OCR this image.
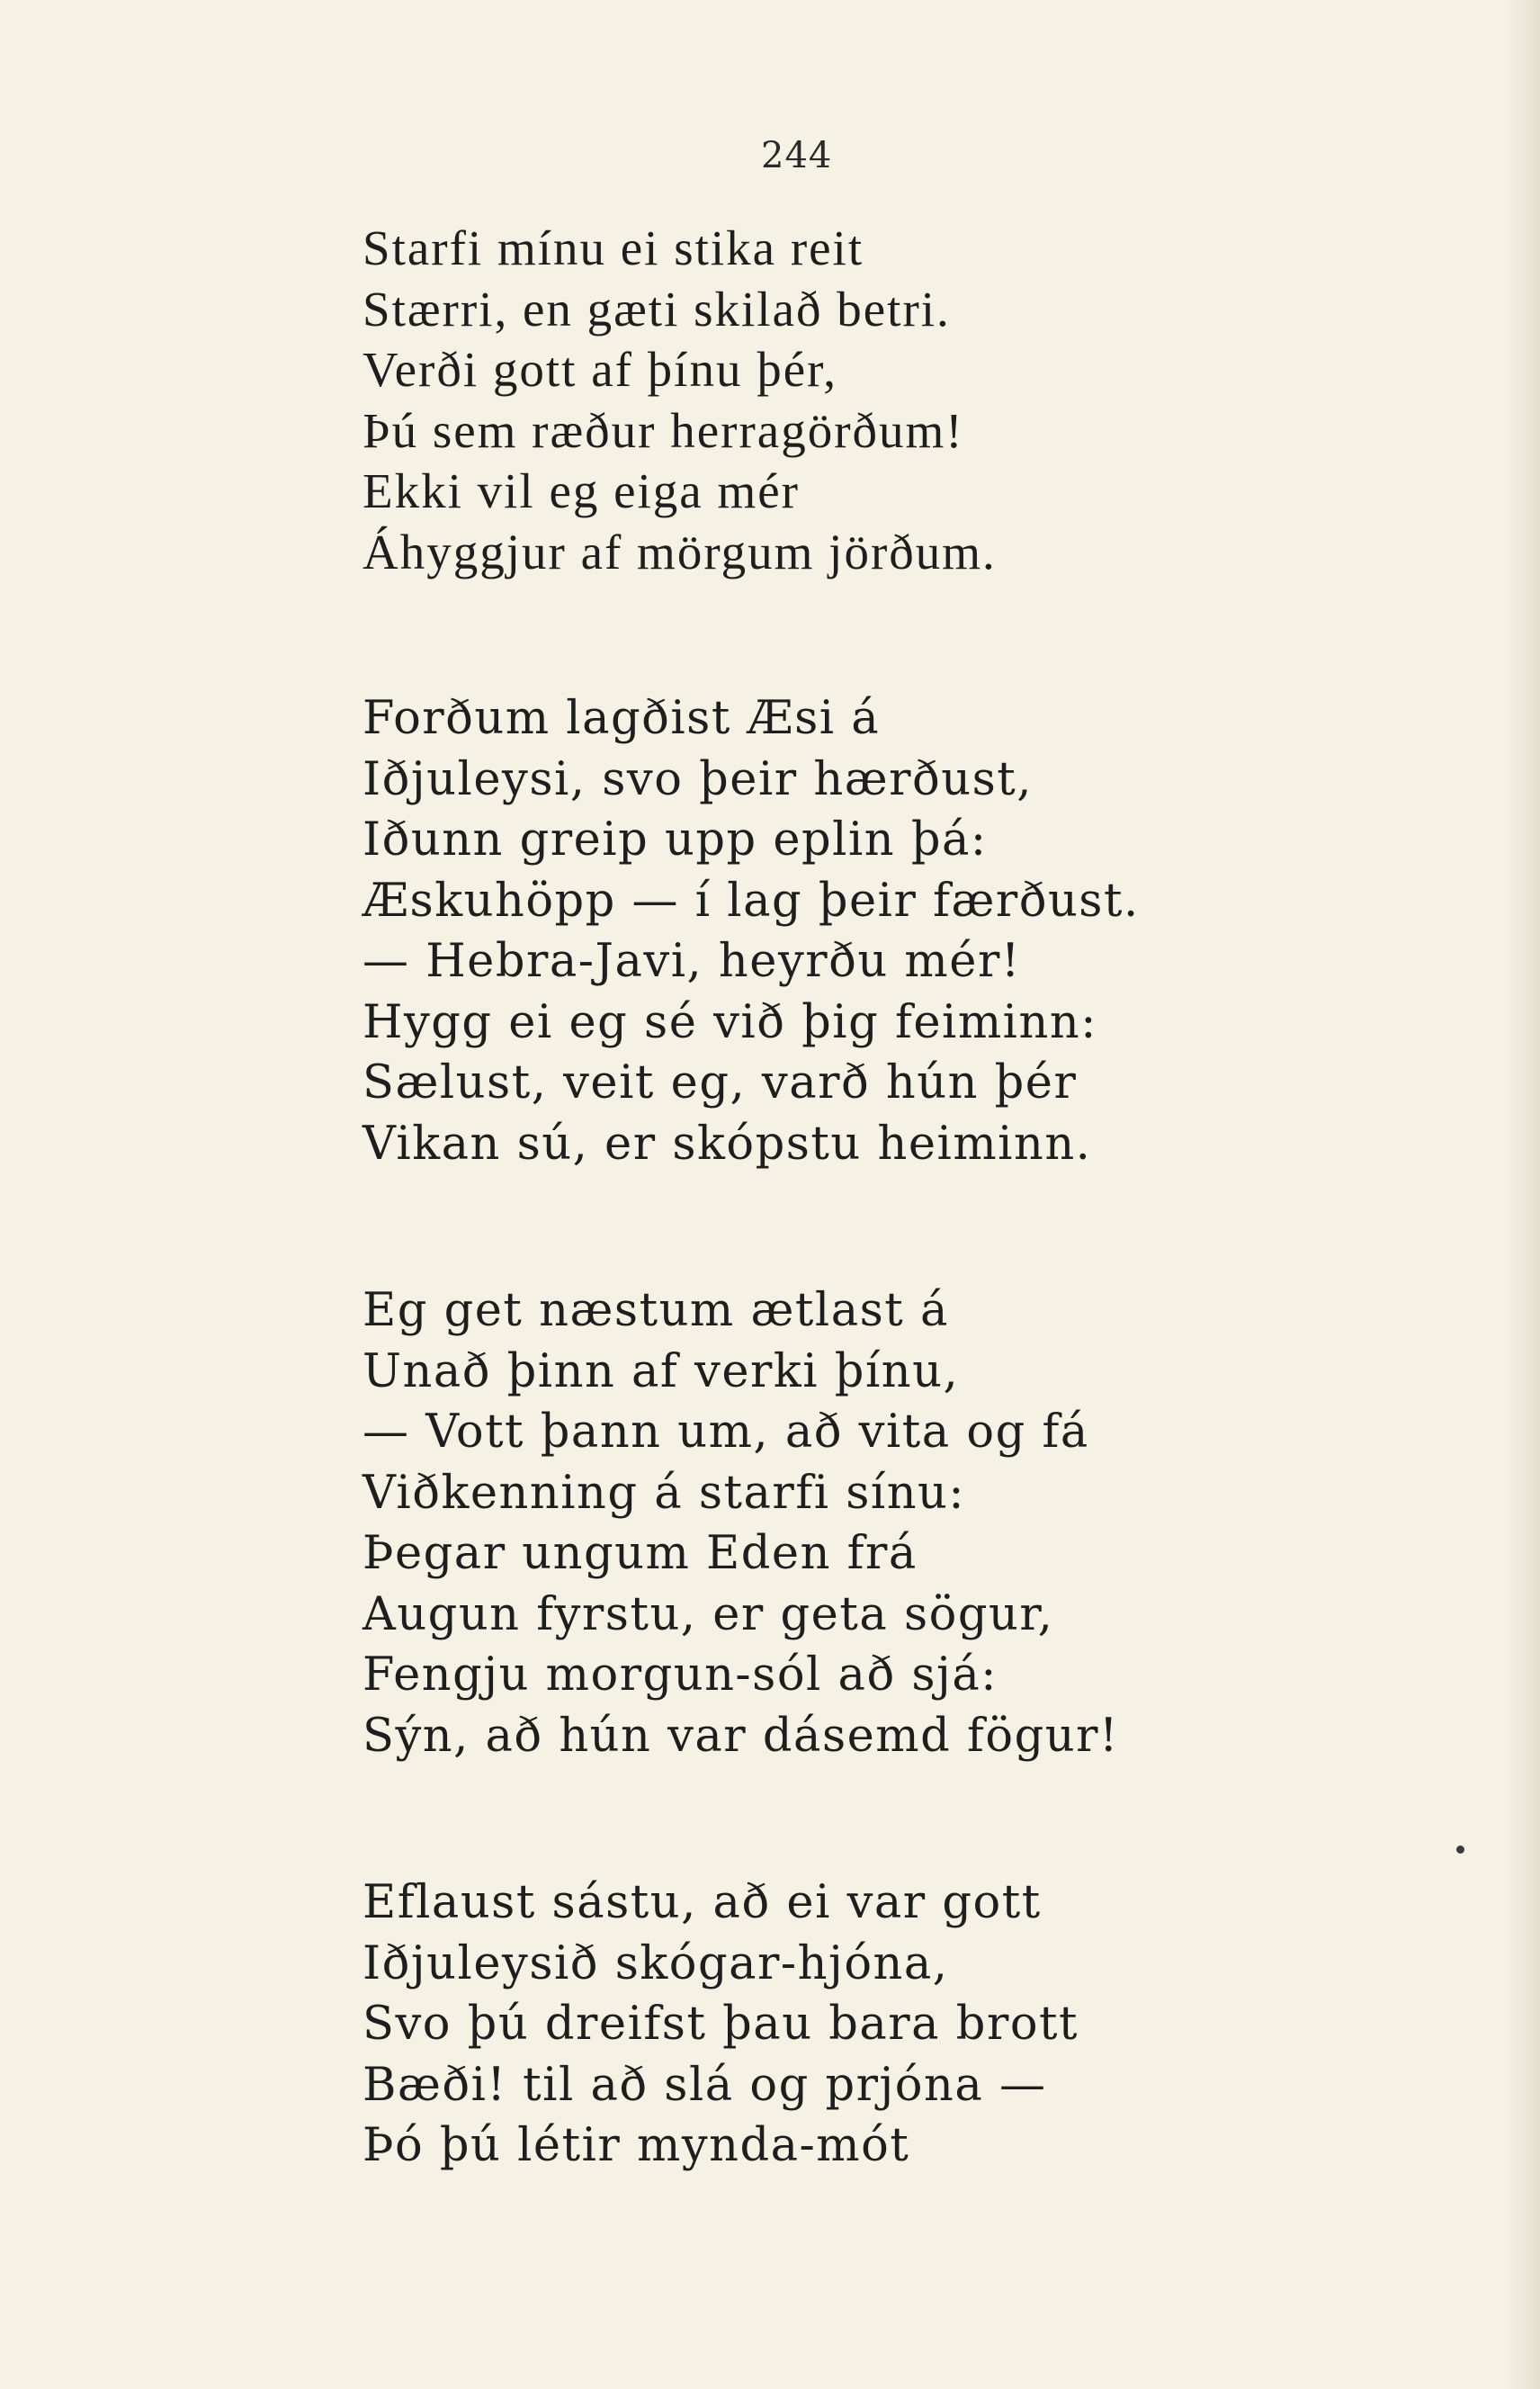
244
Starfi mínu ei stika reit
Stærri, en gæti skilað betri.
Verði gott af þínu þér,
Þú sem ræður herragörðum!
Ekki vil eg eiga mér
Áhyggjur af mörgum jörðum.
Forðum lagðist Æsi á
Iðjuleysi, svo þeir hærðust,
Iðunn greip upp eplin þá:
Æskuhöpp — í lag þeir færðust.
— Hebra-Javi, heyrðu mér!
Hygg ei eg sé við þig feiminn:
Sælust, veit eg, varð hún þér
Vikan sú, er skópstu heiminn.
Eg get næstum ætlast á
Unað þinn af verki þínu,
— Vott þann um, að vita og fá
Viðkenning á starfi sínu:
Þegar ungum Eden frá
Augun fyrstu, er geta sögur,
Fengju morgun-sól að sjá:
Sýn, að hún var dásemd fögur!
Eflaust sástu, að ei var gott
Iðjuleysið skógar-hjóna,
Svo þú dreifst þau bara brott
Bæði! til að slá og prjóna —
Þó þú létir mynda-mót
